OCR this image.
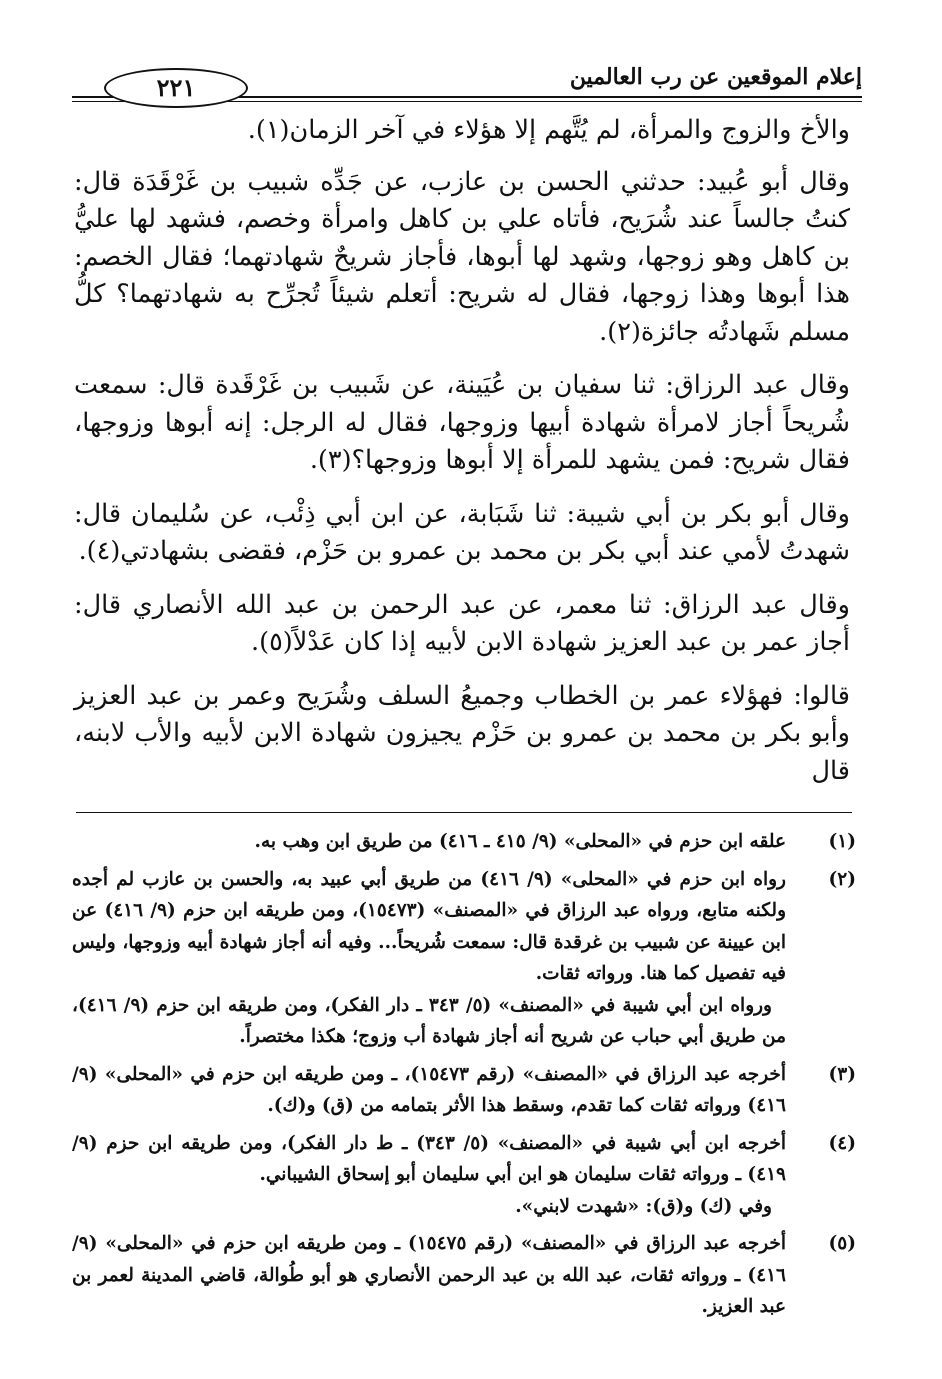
إعلام الموقعين عن رب العالمين
٢٢١

والأخ والزوج والمرأة، لم يُتَّهم إلا هؤلاء في آخر الزمان(١).

وقال أبو عُبيد: حدثني الحسن بن عازب، عن جَدِّه شبيب بن غَرْقَدَة قال: كنتُ جالساً عند شُرَيح، فأتاه علي بن كاهل وامرأة وخصم، فشهد لها عليُّ بن كاهل وهو زوجها، وشهد لها أبوها، فأجاز شريحٌ شهادتهما؛ فقال الخصم: هذا أبوها وهذا زوجها، فقال له شريح: أتعلم شيئاً تُجرِّح به شهادتهما؟ كلُّ مسلم شَهادتُه جائزة(٢).

وقال عبد الرزاق: ثنا سفيان بن عُيَينة، عن شَبيب بن غَرْقَدة قال: سمعت شُريحاً أجاز لامرأة شهادة أبيها وزوجها، فقال له الرجل: إنه أبوها وزوجها، فقال شريح: فمن يشهد للمرأة إلا أبوها وزوجها؟(٣).

وقال أبو بكر بن أبي شيبة: ثنا شَبَابة، عن ابن أبي ذِئْب، عن سُليمان قال: شهدتُ لأمي عند أبي بكر بن محمد بن عمرو بن حَزْم، فقضى بشهادتي(٤).

وقال عبد الرزاق: ثنا معمر، عن عبد الرحمن بن عبد الله الأنصاري قال: أجاز عمر بن عبد العزيز شهادة الابن لأبيه إذا كان عَدْلاً(٥).

قالوا: فهؤلاء عمر بن الخطاب وجميعُ السلف وشُرَيح وعمر بن عبد العزيز وأبو بكر بن محمد بن عمرو بن حَزْم يجيزون شهادة الابن لأبيه والأب لابنه، قال

(١)
علقه ابن حزم في «المحلى» (٩/ ٤١٥ ـ ٤١٦) من طريق ابن وهب به.
(٢)
رواه ابن حزم في «المحلى» (٩/ ٤١٦) من طريق أبي عبيد به، والحسن بن عازب لم أجده ولكنه متابع، ورواه عبد الرزاق في «المصنف» (١٥٤٧٣)، ومن طريقه ابن حزم (٩/ ٤١٦) عن ابن عيينة عن شبيب بن غرقدة قال: سمعت شُريحاً... وفيه أنه أجاز شهادة أبيه وزوجها، وليس فيه تفصيل كما هنا. ورواته ثقات.
ورواه ابن أبي شيبة في «المصنف» (٥/ ٣٤٣ ـ دار الفكر)، ومن طريقه ابن حزم (٩/ ٤١٦)، من طريق أبي حباب عن شريح أنه أجاز شهادة أب وزوج؛ هكذا مختصراً.
(٣)
أخرجه عبد الرزاق في «المصنف» (رقم ١٥٤٧٣)، ـ ومن طريقه ابن حزم في «المحلى» (٩/ ٤١٦) ورواته ثقات كما تقدم، وسقط هذا الأثر بتمامه من (ق) و(ك).
(٤)
أخرجه ابن أبي شيبة في «المصنف» (٥/ ٣٤٣) ـ ط دار الفكر)، ومن طريقه ابن حزم (٩/ ٤١٩) ـ ورواته ثقات سليمان هو ابن أبي سليمان أبو إسحاق الشيباني.
وفي (ك) و(ق): «شهدت لابني».
(٥)
أخرجه عبد الرزاق في «المصنف» (رقم ١٥٤٧٥) ـ ومن طريقه ابن حزم في «المحلى» (٩/ ٤١٦) ـ ورواته ثقات، عبد الله بن عبد الرحمن الأنصاري هو أبو طُوالة، قاضي المدينة لعمر بن عبد العزيز.
